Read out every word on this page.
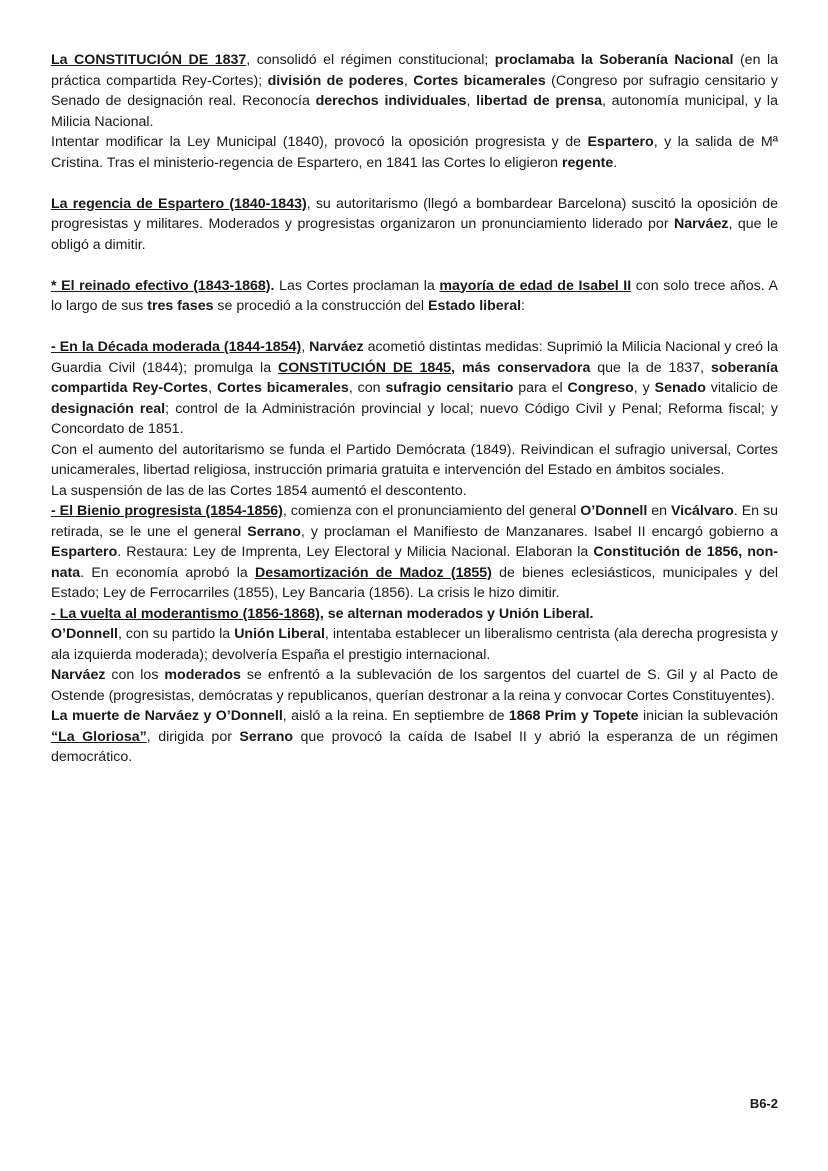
La CONSTITUCIÓN DE 1837, consolidó el régimen constitucional; proclamaba la Soberanía Nacional (en la práctica compartida Rey-Cortes); división de poderes, Cortes bicamerales (Congreso por sufragio censitario y Senado de designación real. Reconocía derechos individuales, libertad de prensa, autonomía municipal, y la Milicia Nacional.

Intentar modificar la Ley Municipal (1840), provocó la oposición progresista y de Espartero, y la salida de Mª Cristina. Tras el ministerio-regencia de Espartero, en 1841 las Cortes lo eligieron regente.

La regencia de Espartero (1840-1843), su autoritarismo (llegó a bombardear Barcelona) suscitó la oposición de progresistas y militares. Moderados y progresistas organizaron un pronunciamiento liderado por Narváez, que le obligó a dimitir.

* El reinado efectivo (1843-1868). Las Cortes proclaman la mayoría de edad de Isabel II con solo trece años. A lo largo de sus tres fases se procedió a la construcción del Estado liberal:

- En la Década moderada (1844-1854), Narváez acometió distintas medidas: Suprimió la Milicia Nacional y creó la Guardia Civil (1844); promulga la CONSTITUCIÓN DE 1845, más conservadora que la de 1837, soberanía compartida Rey-Cortes, Cortes bicamerales, con sufragio censitario para el Congreso, y Senado vitalicio de designación real; control de la Administración provincial y local; nuevo Código Civil y Penal; Reforma fiscal; y Concordato de 1851.

Con el aumento del autoritarismo se funda el Partido Demócrata (1849). Reivindican el sufragio universal, Cortes unicamerales, libertad religiosa, instrucción primaria gratuita e intervención del Estado en ámbitos sociales.

La suspensión de las de las Cortes 1854 aumentó el descontento.

- El Bienio progresista (1854-1856), comienza con el pronunciamiento del general O’Donnell en Vicálvaro. En su retirada, se le une el general Serrano, y proclaman el Manifiesto de Manzanares. Isabel II encargó gobierno a Espartero. Restaura: Ley de Imprenta, Ley Electoral y Milicia Nacional. Elaboran la Constitución de 1856, non-nata. En economía aprobó la Desamortización de Madoz (1855) de bienes eclesiásticos, municipales y del Estado; Ley de Ferrocarriles (1855), Ley Bancaria (1856). La crisis le hizo dimitir.

- La vuelta al moderantismo (1856-1868), se alternan moderados y Unión Liberal.

O’Donnell, con su partido la Unión Liberal, intentaba establecer un liberalismo centrista (ala derecha progresista y ala izquierda moderada); devolvería España el prestigio internacional.

Narváez con los moderados se enfrentó a la sublevación de los sargentos del cuartel de S. Gil y al Pacto de Ostende (progresistas, demócratas y republicanos, querían destronar a la reina y convocar Cortes Constituyentes).

La muerte de Narváez y O’Donnell, aisló a la reina. En septiembre de 1868 Prim y Topete inician la sublevación “La Gloriosa”, dirigida por Serrano que provocó la caída de Isabel II y abrió la esperanza de un régimen democrático.

B6-2
